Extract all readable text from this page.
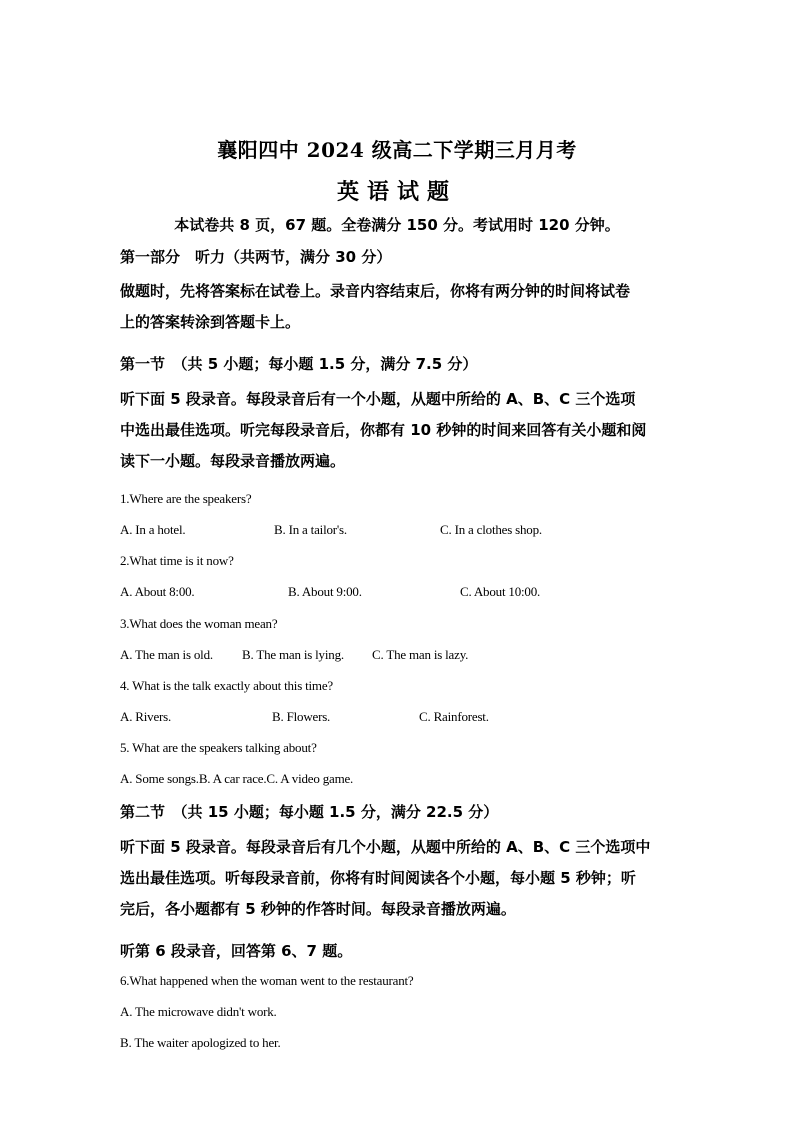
襄阳四中 2024 级高二下学期三月月考
英语试题
本试卷共 8 页，67 题。全卷满分 150 分。考试用时 120 分钟。
第一部分　听力（共两节，满分 30 分）
做题时，先将答案标在试卷上。录音内容结束后，你将有两分钟的时间将试卷
上的答案转涂到答题卡上。
第一节　（共 5 小题；每小题 1.5 分，满分 7.5 分）
听下面 5 段录音。每段录音后有一个小题，从题中所给的 A、B、C 三个选项
中选出最佳选项。听完每段录音后，你都有 10 秒钟的时间来回答有关小题和阅
读下一小题。每段录音播放两遍。
1.Where are the speakers?
A. In a hotel.	B. In a tailor's.	C. In a clothes shop.
2.What time is it now?
A. About 8:00.	B. About 9:00.	C. About 10:00.
3.What does the woman mean?
A. The man is old. B. The man is lying. C. The man is lazy.
4. What is the talk exactly about this time?
A. Rivers.	B. Flowers.	C. Rainforest.
5. What are the speakers talking about?
A. Some songs.B. A car race.C. A video game.
第二节　（共 15 小题；每小题 1.5 分，满分 22.5 分）
听下面 5 段录音。每段录音后有几个小题，从题中所给的 A、B、C 三个选项中
选出最佳选项。听每段录音前，你将有时间阅读各个小题，每小题 5 秒钟；听
完后，各小题都有 5 秒钟的作答时间。每段录音播放两遍。
听第 6 段录音，回答第 6、7 题。
6.What happened when the woman went to the restaurant?
A. The microwave didn't work.
B. The waiter apologized to her.
